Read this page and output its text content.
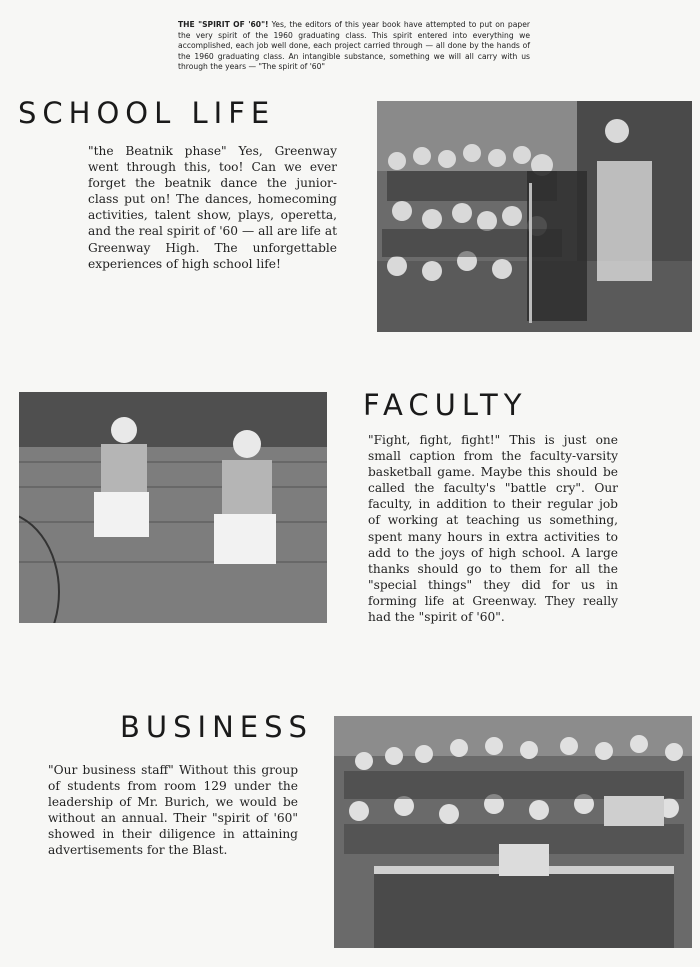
THE "SPIRIT OF '60"! Yes, the editors of this year book have attempted to put on paper the very spirit of the 1960 graduating class. This spirit entered into everything we accomplished, each job well done, each project carried through — all done by the hands of the 1960 graduating class. An intangible substance, something we will all carry with us through the years — "The spirit of '60"

SCHOOL LIFE

"the Beatnik phase" Yes, Greenway went through this, too! Can we ever forget the beatnik dance the junior-class put on! The dances, homecoming activities, talent show, plays, operetta, and the real spirit of '60 — all are life at Greenway High. The unforgettable experiences of high school life!

FACULTY

"Fight, fight, fight!" This is just one small caption from the faculty-varsity basketball game. Maybe this should be called the faculty's "battle cry". Our faculty, in addition to their regular job of working at teaching us something, spent many hours in extra activities to add to the joys of high school. A large thanks should go to them for all the "special things" they did for us in forming life at Greenway. They really had the "spirit of '60".

BUSINESS

"Our business staff" Without this group of students from room 129 under the leadership of Mr. Burich, we would be without an annual. Their "spirit of '60" showed in their diligence in attaining advertisements for the Blast.
